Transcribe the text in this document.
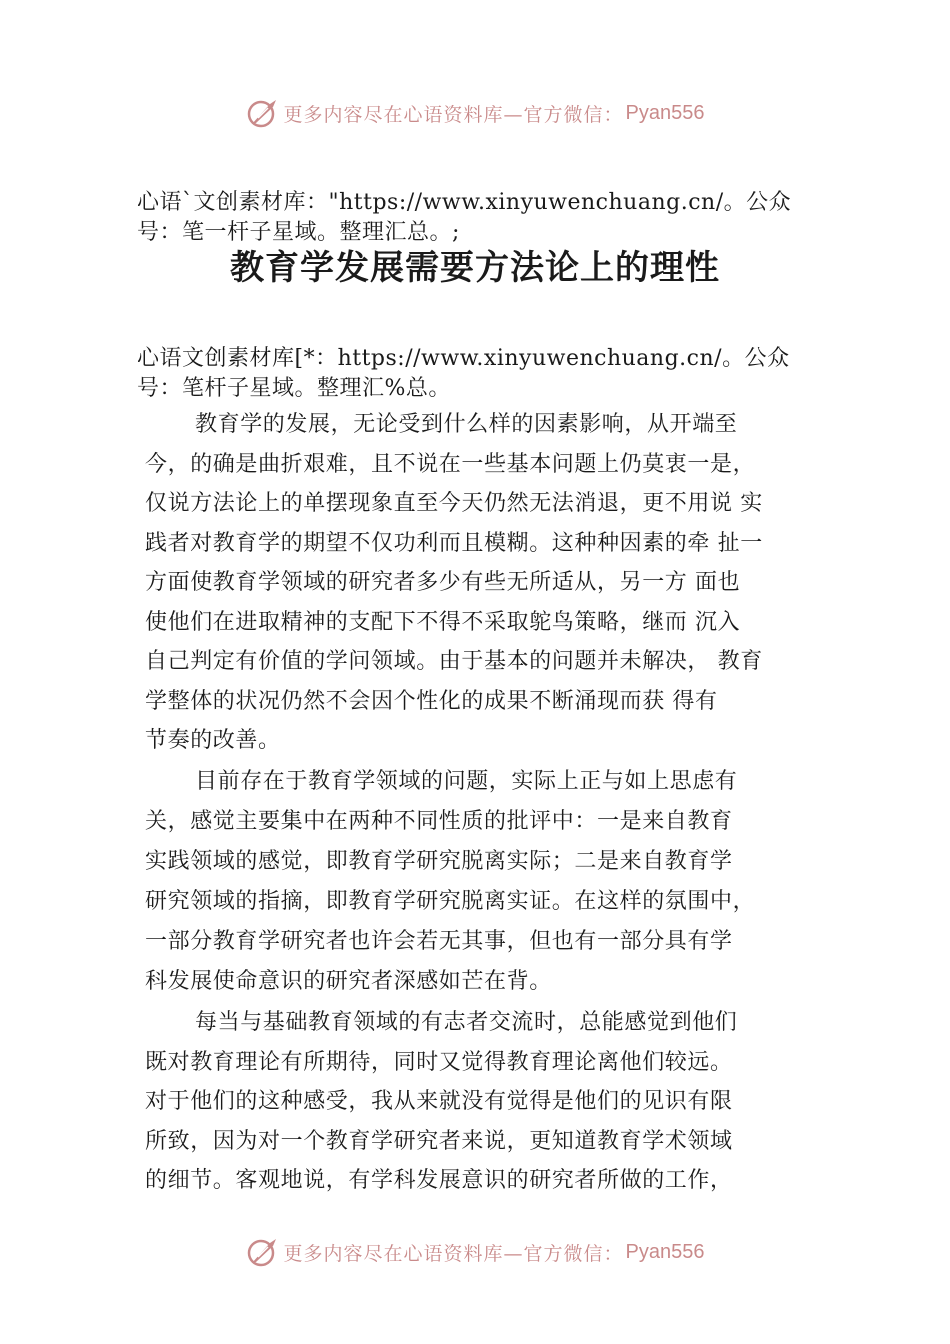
更多内容尽在心语资料库—官方微信： Pyan556

心语`文创素材库："https://www.xinyuwenchuang.cn/。公众
号：笔一杆子星域。整理汇总。;

教育学发展需要方法论上的理性

心语文创素材库[*：https://www.xinyuwenchuang.cn/。公众
号：笔杆子星域。整理汇%总。

教育学的发展，无论受到什么样的因素影响，从开端至
今，的确是曲折艰难，且不说在一些基本问题上仍莫衷一是，
仅说方法论上的单摆现象直至今天仍然无法消退，更不用说 实
践者对教育学的期望不仅功利而且模糊。这种种因素的牵 扯一
方面使教育学领域的研究者多少有些无所适从，另一方 面也
使他们在进取精神的支配下不得不采取鸵鸟策略，继而 沉入
自己判定有价值的学问领域。由于基本的问题并未解决， 教育
学整体的状况仍然不会因个性化的成果不断涌现而获 得有
节奏的改善。

目前存在于教育学领域的问题，实际上正与如上思虑有
关，感觉主要集中在两种不同性质的批评中：一是来自教育
实践领域的感觉，即教育学研究脱离实际；二是来自教育学
研究领域的指摘，即教育学研究脱离实证。在这样的氛围中，
一部分教育学研究者也许会若无其事，但也有一部分具有学
科发展使命意识的研究者深感如芒在背。

每当与基础教育领域的有志者交流时，总能感觉到他们
既对教育理论有所期待，同时又觉得教育理论离他们较远。
对于他们的这种感受，我从来就没有觉得是他们的见识有限
所致，因为对一个教育学研究者来说，更知道教育学术领域
的细节。客观地说，有学科发展意识的研究者所做的工作，

更多内容尽在心语资料库—官方微信： Pyan556
